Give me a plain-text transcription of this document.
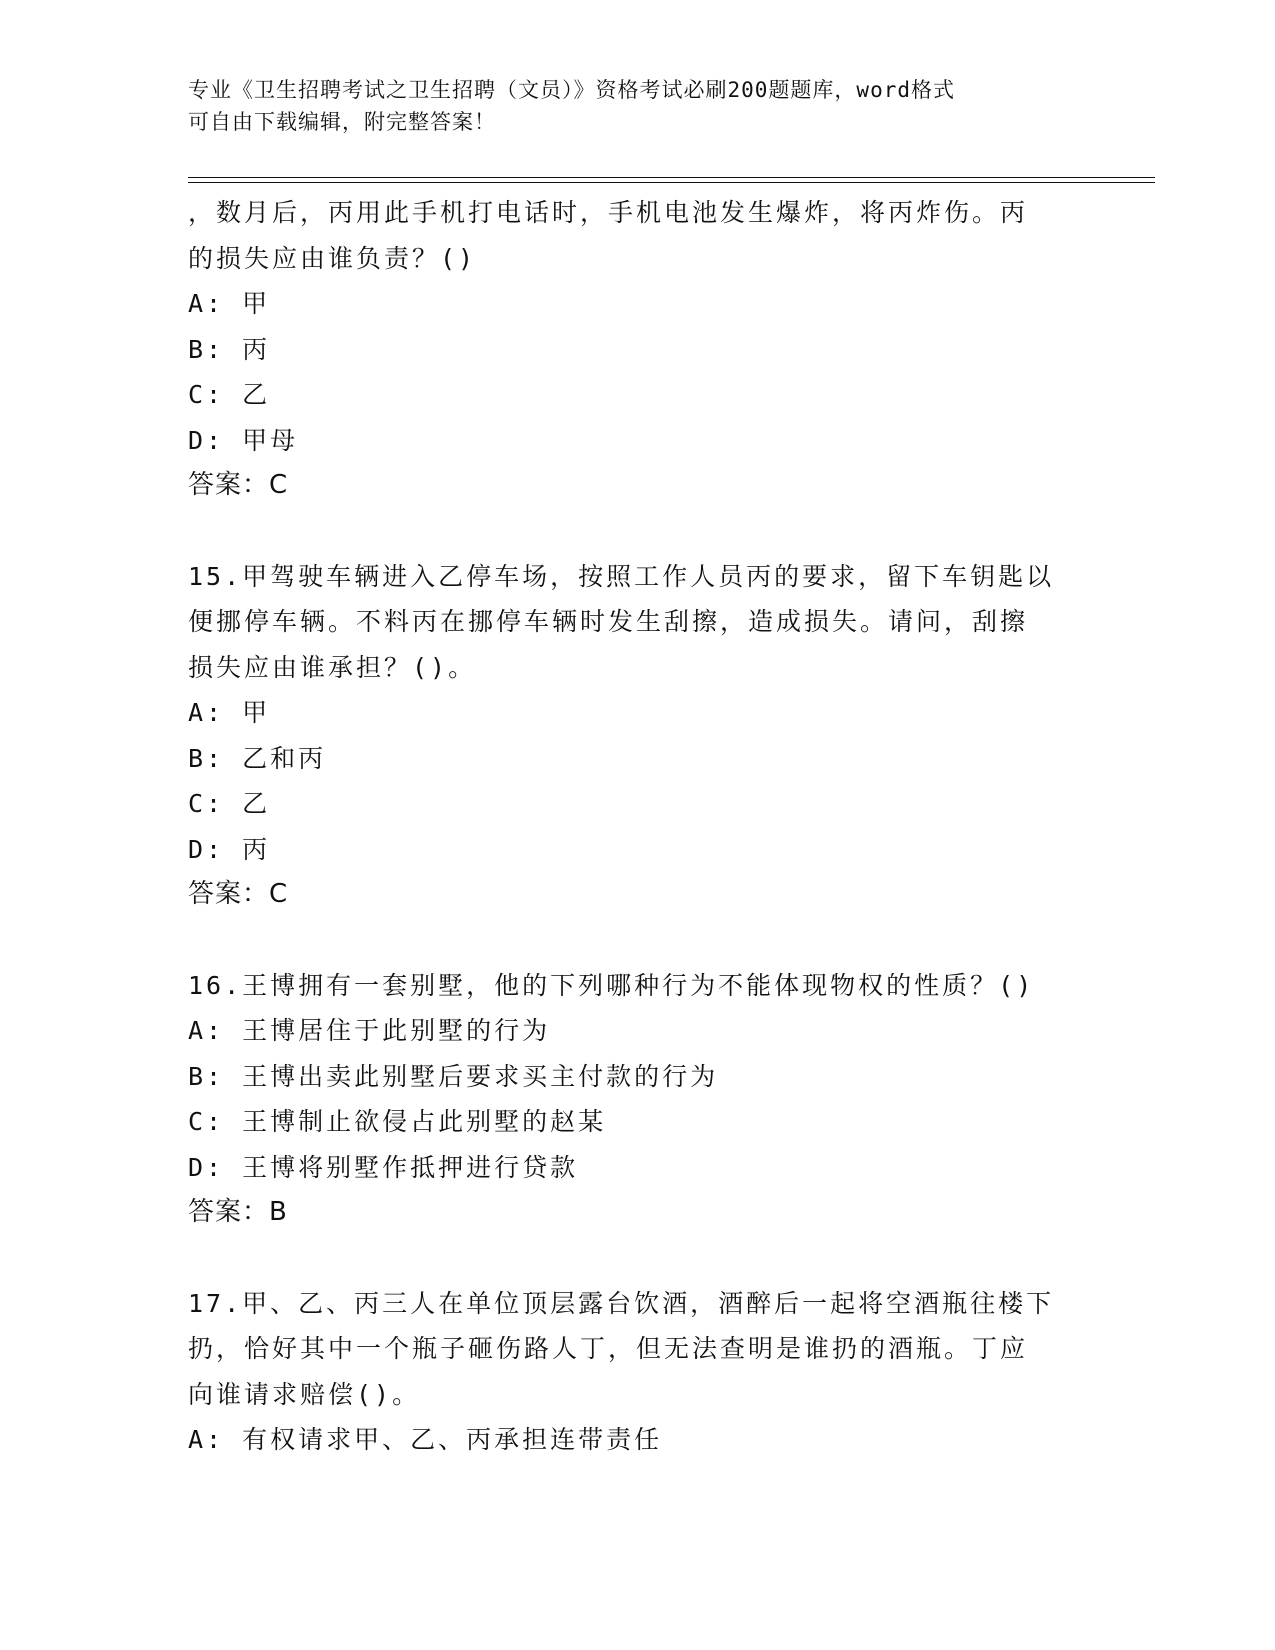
专业《卫生招聘考试之卫生招聘（文员）》资格考试必刷200题题库，word格式
可自由下载编辑，附完整答案！
，数月后，丙用此手机打电话时，手机电池发生爆炸，将丙炸伤。丙
的损失应由谁负责？()
A: 甲
B: 丙
C: 乙
D: 甲母
答案：C
15.甲驾驶车辆进入乙停车场，按照工作人员丙的要求，留下车钥匙以
便挪停车辆。不料丙在挪停车辆时发生刮擦，造成损失。请问，刮擦
损失应由谁承担？()。
A: 甲
B: 乙和丙
C: 乙
D: 丙
答案：C
16.王博拥有一套别墅，他的下列哪种行为不能体现物权的性质？()
A: 王博居住于此别墅的行为
B: 王博出卖此别墅后要求买主付款的行为
C: 王博制止欲侵占此别墅的赵某
D: 王博将别墅作抵押进行贷款
答案：B
17.甲、乙、丙三人在单位顶层露台饮酒，酒醉后一起将空酒瓶往楼下
扔，恰好其中一个瓶子砸伤路人丁，但无法查明是谁扔的酒瓶。丁应
向谁请求赔偿()。
A: 有权请求甲、乙、丙承担连带责任
